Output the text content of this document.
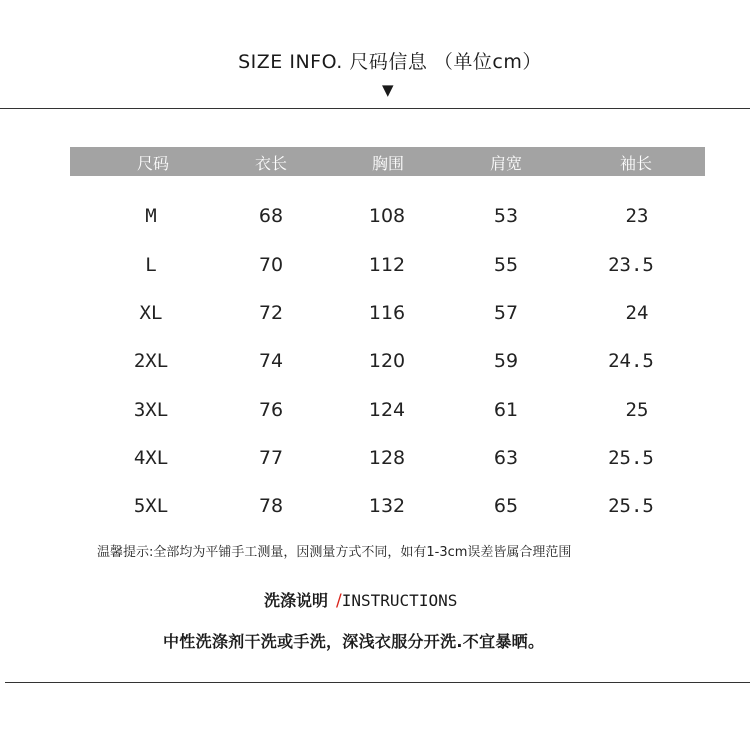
SIZE INFO. 尺码信息 （单位cm）
▼
尺码	衣长	胸围	肩宽	袖长
M	68	108	53	23
L	70	112	55	23.5
XL	72	116	57	24
2XL	74	120	59	24.5
3XL	76	124	61	25
4XL	77	128	63	25.5
5XL	78	132	65	25.5
温馨提示:全部均为平铺手工测量，因测量方式不同，如有1-3cm误差皆属合理范围
洗涤说明 /INSTRUCTIONS
中性洗涤剂干洗或手洗，深浅衣服分开洗.不宜暴晒。
